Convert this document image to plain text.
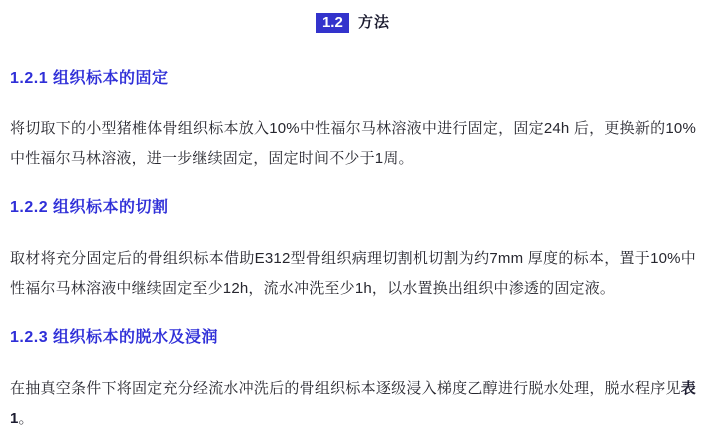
1.2 方法
1.2.1 组织标本的固定

将切取下的小型猪椎体骨组织标本放入10%中性福尔马林溶液中进行固定，固定24h 后，更换新的10%中性福尔马林溶液，进一步继续固定，固定时间不少于1周。

1.2.2 组织标本的切割

取材将充分固定后的骨组织标本借助E312型骨组织病理切割机切割为约7mm 厚度的标本，置于10%中性福尔马林溶液中继续固定至少12h，流水冲洗至少1h，以水置换出组织中渗透的固定液。

1.2.3 组织标本的脱水及浸润

在抽真空条件下将固定充分经流水冲洗后的骨组织标本逐级浸入梯度乙醇进行脱水处理，脱水程序见表1。
